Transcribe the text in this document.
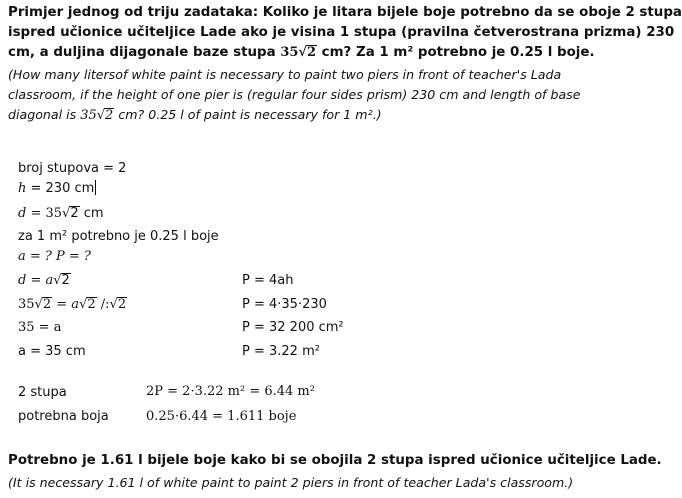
Primjer jednog od triju zadataka: Koliko je litara bijele boje potrebno da se oboje 2 stupa
ispred učionice učiteljice Lade ako je visina 1 stupa (pravilna četverostrana prizma) 230
cm, a duljina dijagonale baze stupa 35√2 cm? Za 1 m² potrebno je 0.25 l boje.
(How many litersof white paint is necessary to paint two piers in front of teacher's Lada
classroom, if the height of one pier is (regular four sides prism) 230 cm and length of base
diagonal is 35√2 cm? 0.25 l of paint is necessary for 1 m².)
broj stupova = 2
h = 230 cm
d = 35√2 cm
za 1 m² potrebno je 0.25 l boje
a = ? P = ?
d = a√2
35√2 = a√2 /:√2
35 = a
a = 35 cm
P = 4ah
P = 4·35·230
P = 32 200 cm²
P = 3.22 m²
2 stupa	2P = 2·3.22 m² = 6.44 m²
potrebna boja	0.25·6.44 = 1.611 boje
Potrebno je 1.61 l bijele boje kako bi se obojila 2 stupa ispred učionice učiteljice Lade.
(It is necessary 1.61 l of white paint to paint 2 piers in front of teacher Lada's classroom.)
